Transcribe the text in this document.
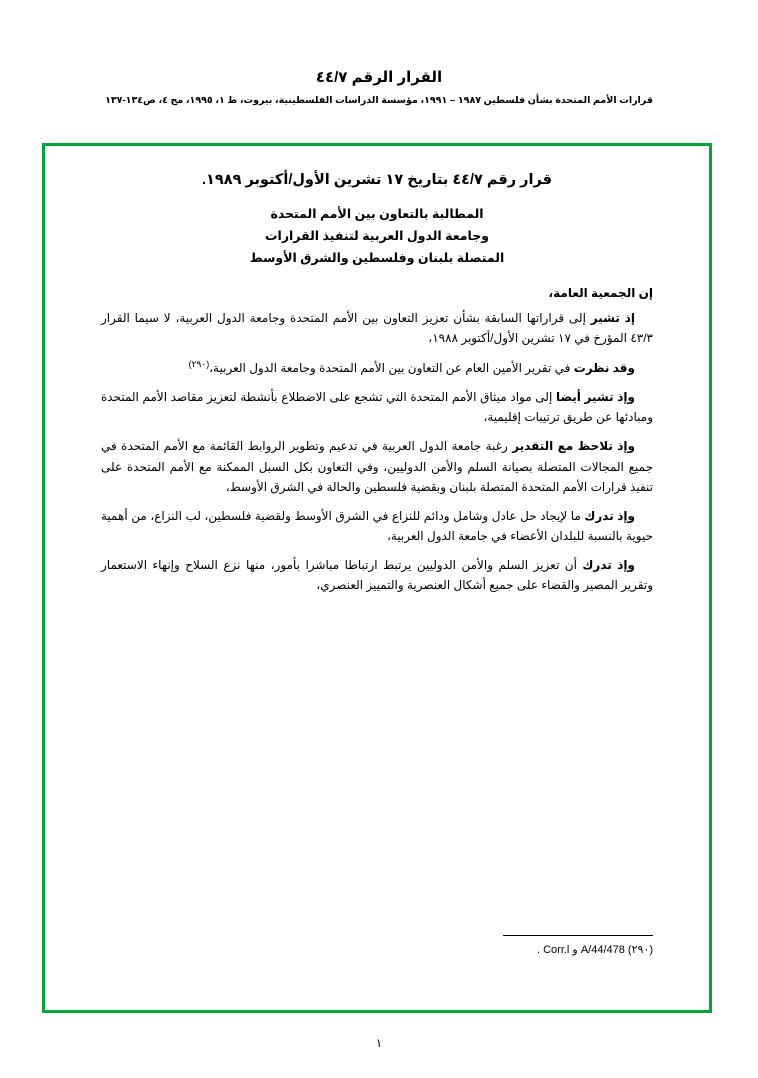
القرار الرقم ٤٤/٧
قرارات الأمم المتحدة بشأن فلسطين ١٩٨٧ – ١٩٩١، مؤسسة الدراسات الفلسطينية، بيروت، ط ١، ١٩٩٥، مج ٤، ص١٣٤-١٣٧
قرار رقم ٤٤/٧ بتاريخ ١٧ تشرين الأول/أكتوبر ١٩٨٩.
المطالبة بالتعاون بين الأمم المتحدة
وجامعة الدول العربية لتنفيذ القرارات
المتصلة بلبنان وفلسطين والشرق الأوسط
إن الجمعية العامة،

إذ تشير إلى قراراتها السابقة بشأن تعزيز التعاون بين الأمم المتحدة وجامعة الدول العربية، لا سيما القرار ٤٣/٣ المؤرخ في ١٧ تشرين الأول/أكتوبر ١٩٨٨،

وقد نظرت في تقرير الأمين العام عن التعاون بين الأمم المتحدة وجامعة الدول العربية،$^{(٢٩٠)}$

وإذ تشير أيضا إلى مواد ميثاق الأمم المتحدة التي تشجع على الاضطلاع بأنشطة لتعزيز مقاصد الأمم المتحدة ومبادئها عن طريق ترتيبات إقليمية،

وإذ تلاحظ مع التقدير رغبة جامعة الدول العربية في تدعيم وتطوير الروابط القائمة مع الأمم المتحدة في جميع المجالات المتصلة بصيانة السلم والأمن الدوليين، وفي التعاون بكل السبل الممكنة مع الأمم المتحدة على تنفيذ قرارات الأمم المتحدة المتصلة بلبنان وبقضية فلسطين والحالة في الشرق الأوسط،

وإذ تدرك ما لإيجاد حل عادل وشامل ودائم للنزاع في الشرق الأوسط ولقضية فلسطين، لب النزاع، من أهمية حيوية بالنسبة للبلدان الأعضاء في جامعة الدول العربية،

وإذ تدرك أن تعزيز السلم والأمن الدوليين يرتبط ارتباطا مباشرا بأمور، منها نزع السلاح وإنهاء الاستعمار وتقرير المصير والقضاء على جميع أشكال العنصرية والتمييز العنصري،

(٢٩٠) A/44/478 و Corr.l .

١
